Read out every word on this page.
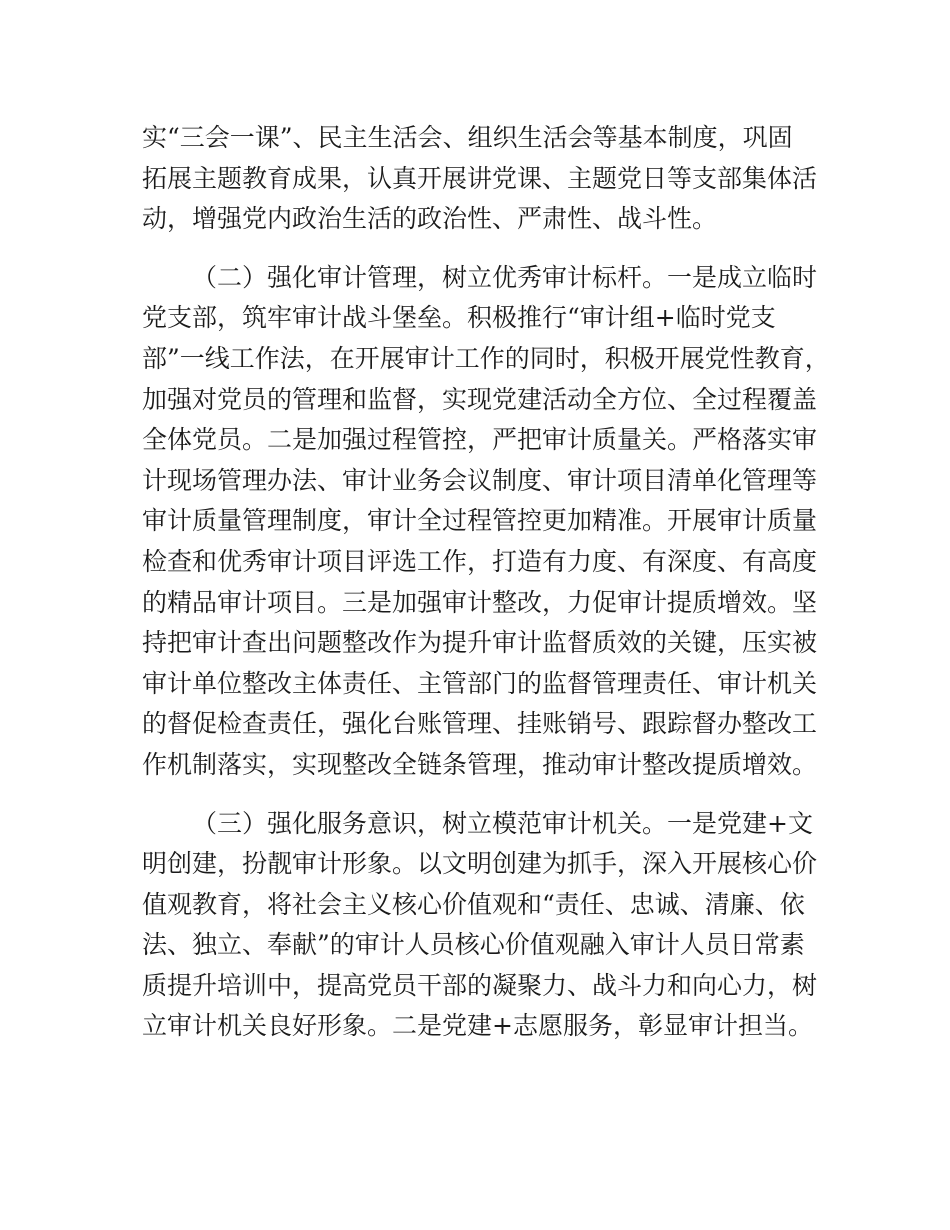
实“三会一课”、民主生活会、组织生活会等基本制度，巩固
拓展主题教育成果，认真开展讲党课、主题党日等支部集体活
动，增强党内政治生活的政治性、严肃性、战斗性。
（二）强化审计管理，树立优秀审计标杆。一是成立临时
党支部，筑牢审计战斗堡垒。积极推行“审计组+临时党支
部”一线工作法，在开展审计工作的同时，积极开展党性教育，
加强对党员的管理和监督，实现党建活动全方位、全过程覆盖
全体党员。二是加强过程管控，严把审计质量关。严格落实审
计现场管理办法、审计业务会议制度、审计项目清单化管理等
审计质量管理制度，审计全过程管控更加精准。开展审计质量
检查和优秀审计项目评选工作，打造有力度、有深度、有高度
的精品审计项目。三是加强审计整改，力促审计提质增效。坚
持把审计查出问题整改作为提升审计监督质效的关键，压实被
审计单位整改主体责任、主管部门的监督管理责任、审计机关
的督促检查责任，强化台账管理、挂账销号、跟踪督办整改工
作机制落实，实现整改全链条管理，推动审计整改提质增效。
（三）强化服务意识，树立模范审计机关。一是党建+文
明创建，扮靓审计形象。以文明创建为抓手，深入开展核心价
值观教育，将社会主义核心价值观和“责任、忠诚、清廉、依
法、独立、奉献”的审计人员核心价值观融入审计人员日常素
质提升培训中，提高党员干部的凝聚力、战斗力和向心力，树
立审计机关良好形象。二是党建+志愿服务，彰显审计担当。
